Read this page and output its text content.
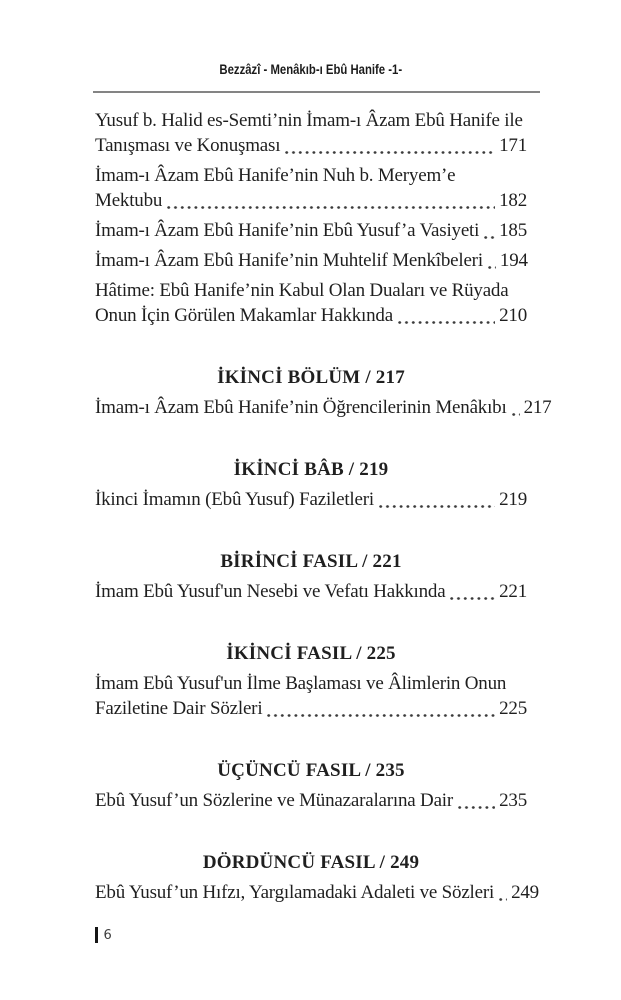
Bezzâzî - Menâkıb-ı Ebû Hanife -1-
Yusuf b. Halid es-Semti’nin İmam-ı Âzam Ebû Hanife ile
Tanışması ve Konuşması	171
İmam-ı Âzam Ebû Hanife’nin Nuh b. Meryem’e
Mektubu	182
İmam-ı Âzam Ebû Hanife’nin Ebû Yusuf’a Vasiyeti 185
İmam-ı Âzam Ebû Hanife’nin Muhtelif Menkîbeleri 194
Hâtime: Ebû Hanife’nin Kabul Olan Duaları ve Rüyada
Onun İçin Görülen Makamlar Hakkında	210
İKİNCİ BÖLÜM / 217
İmam-ı Âzam Ebû Hanife’nin Öğrencilerinin Menâkıbı 217
İKİNCİ BÂB / 219
İkinci İmamın (Ebû Yusuf) Faziletleri	219
BİRİNCİ FASIL / 221
İmam Ebû Yusuf'un Nesebi ve Vefatı Hakkında	221
İKİNCİ FASIL / 225
İmam Ebû Yusuf'un İlme Başlaması ve Âlimlerin Onun
Faziletine Dair Sözleri	225
ÜÇÜNCÜ FASIL / 235
Ebû Yusuf’un Sözlerine ve Münazaralarına Dair 235
DÖRDÜNCÜ FASIL / 249
Ebû Yusuf’un Hıfzı, Yargılamadaki Adaleti ve Sözleri 249
6
